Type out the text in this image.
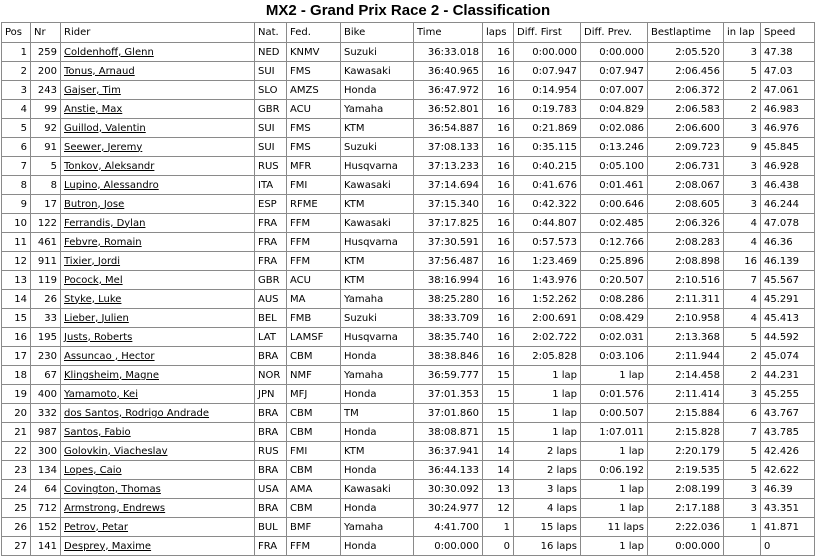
MX2 - Grand Prix Race 2 - Classification
Pos	Nr	Rider	Nat.	Fed.	Bike	Time	laps	Diff. First	Diff. Prev.	Bestlaptime	in lap	Speed
1	259	Coldenhoff, Glenn	NED	KNMV	Suzuki	36:33.018	16	0:00.000	0:00.000	2:05.520	3	47.38
2	200	Tonus, Arnaud	SUI	FMS	Kawasaki	36:40.965	16	0:07.947	0:07.947	2:06.456	5	47.03
3	243	Gajser, Tim	SLO	AMZS	Honda	36:47.972	16	0:14.954	0:07.007	2:06.372	2	47.061
4	99	Anstie, Max	GBR	ACU	Yamaha	36:52.801	16	0:19.783	0:04.829	2:06.583	2	46.983
5	92	Guillod, Valentin	SUI	FMS	KTM	36:54.887	16	0:21.869	0:02.086	2:06.600	3	46.976
6	91	Seewer, Jeremy	SUI	FMS	Suzuki	37:08.133	16	0:35.115	0:13.246	2:09.723	9	45.845
7	5	Tonkov, Aleksandr	RUS	MFR	Husqvarna	37:13.233	16	0:40.215	0:05.100	2:06.731	3	46.928
8	8	Lupino, Alessandro	ITA	FMI	Kawasaki	37:14.694	16	0:41.676	0:01.461	2:08.067	3	46.438
9	17	Butron, Jose	ESP	RFME	KTM	37:15.340	16	0:42.322	0:00.646	2:08.605	3	46.244
10	122	Ferrandis, Dylan	FRA	FFM	Kawasaki	37:17.825	16	0:44.807	0:02.485	2:06.326	4	47.078
11	461	Febvre, Romain	FRA	FFM	Husqvarna	37:30.591	16	0:57.573	0:12.766	2:08.283	4	46.36
12	911	Tixier, Jordi	FRA	FFM	KTM	37:56.487	16	1:23.469	0:25.896	2:08.898	16	46.139
13	119	Pocock, Mel	GBR	ACU	KTM	38:16.994	16	1:43.976	0:20.507	2:10.516	7	45.567
14	26	Styke, Luke	AUS	MA	Yamaha	38:25.280	16	1:52.262	0:08.286	2:11.311	4	45.291
15	33	Lieber, Julien	BEL	FMB	Suzuki	38:33.709	16	2:00.691	0:08.429	2:10.958	4	45.413
16	195	Justs, Roberts	LAT	LAMSF	Husqvarna	38:35.740	16	2:02.722	0:02.031	2:13.368	5	44.592
17	230	Assuncao , Hector	BRA	CBM	Honda	38:38.846	16	2:05.828	0:03.106	2:11.944	2	45.074
18	67	Klingsheim, Magne	NOR	NMF	Yamaha	36:59.777	15	1 lap	1 lap	2:14.458	2	44.231
19	400	Yamamoto, Kei	JPN	MFJ	Honda	37:01.353	15	1 lap	0:01.576	2:11.414	3	45.255
20	332	dos Santos, Rodrigo Andrade	BRA	CBM	TM	37:01.860	15	1 lap	0:00.507	2:15.884	6	43.767
21	987	Santos, Fabio	BRA	CBM	Honda	38:08.871	15	1 lap	1:07.011	2:15.828	7	43.785
22	300	Golovkin, Viacheslav	RUS	FMI	KTM	36:37.941	14	2 laps	1 lap	2:20.179	5	42.426
23	134	Lopes, Caio	BRA	CBM	Honda	36:44.133	14	2 laps	0:06.192	2:19.535	5	42.622
24	64	Covington, Thomas	USA	AMA	Kawasaki	30:30.092	13	3 laps	1 lap	2:08.199	3	46.39
25	712	Armstrong, Endrews	BRA	CBM	Honda	30:24.977	12	4 laps	1 lap	2:17.188	3	43.351
26	152	Petrov, Petar	BUL	BMF	Yamaha	4:41.700	1	15 laps	11 laps	2:22.036	1	41.871
27	141	Desprey, Maxime	FRA	FFM	Honda	0:00.000	0	16 laps	1 lap	0:00.000		0
